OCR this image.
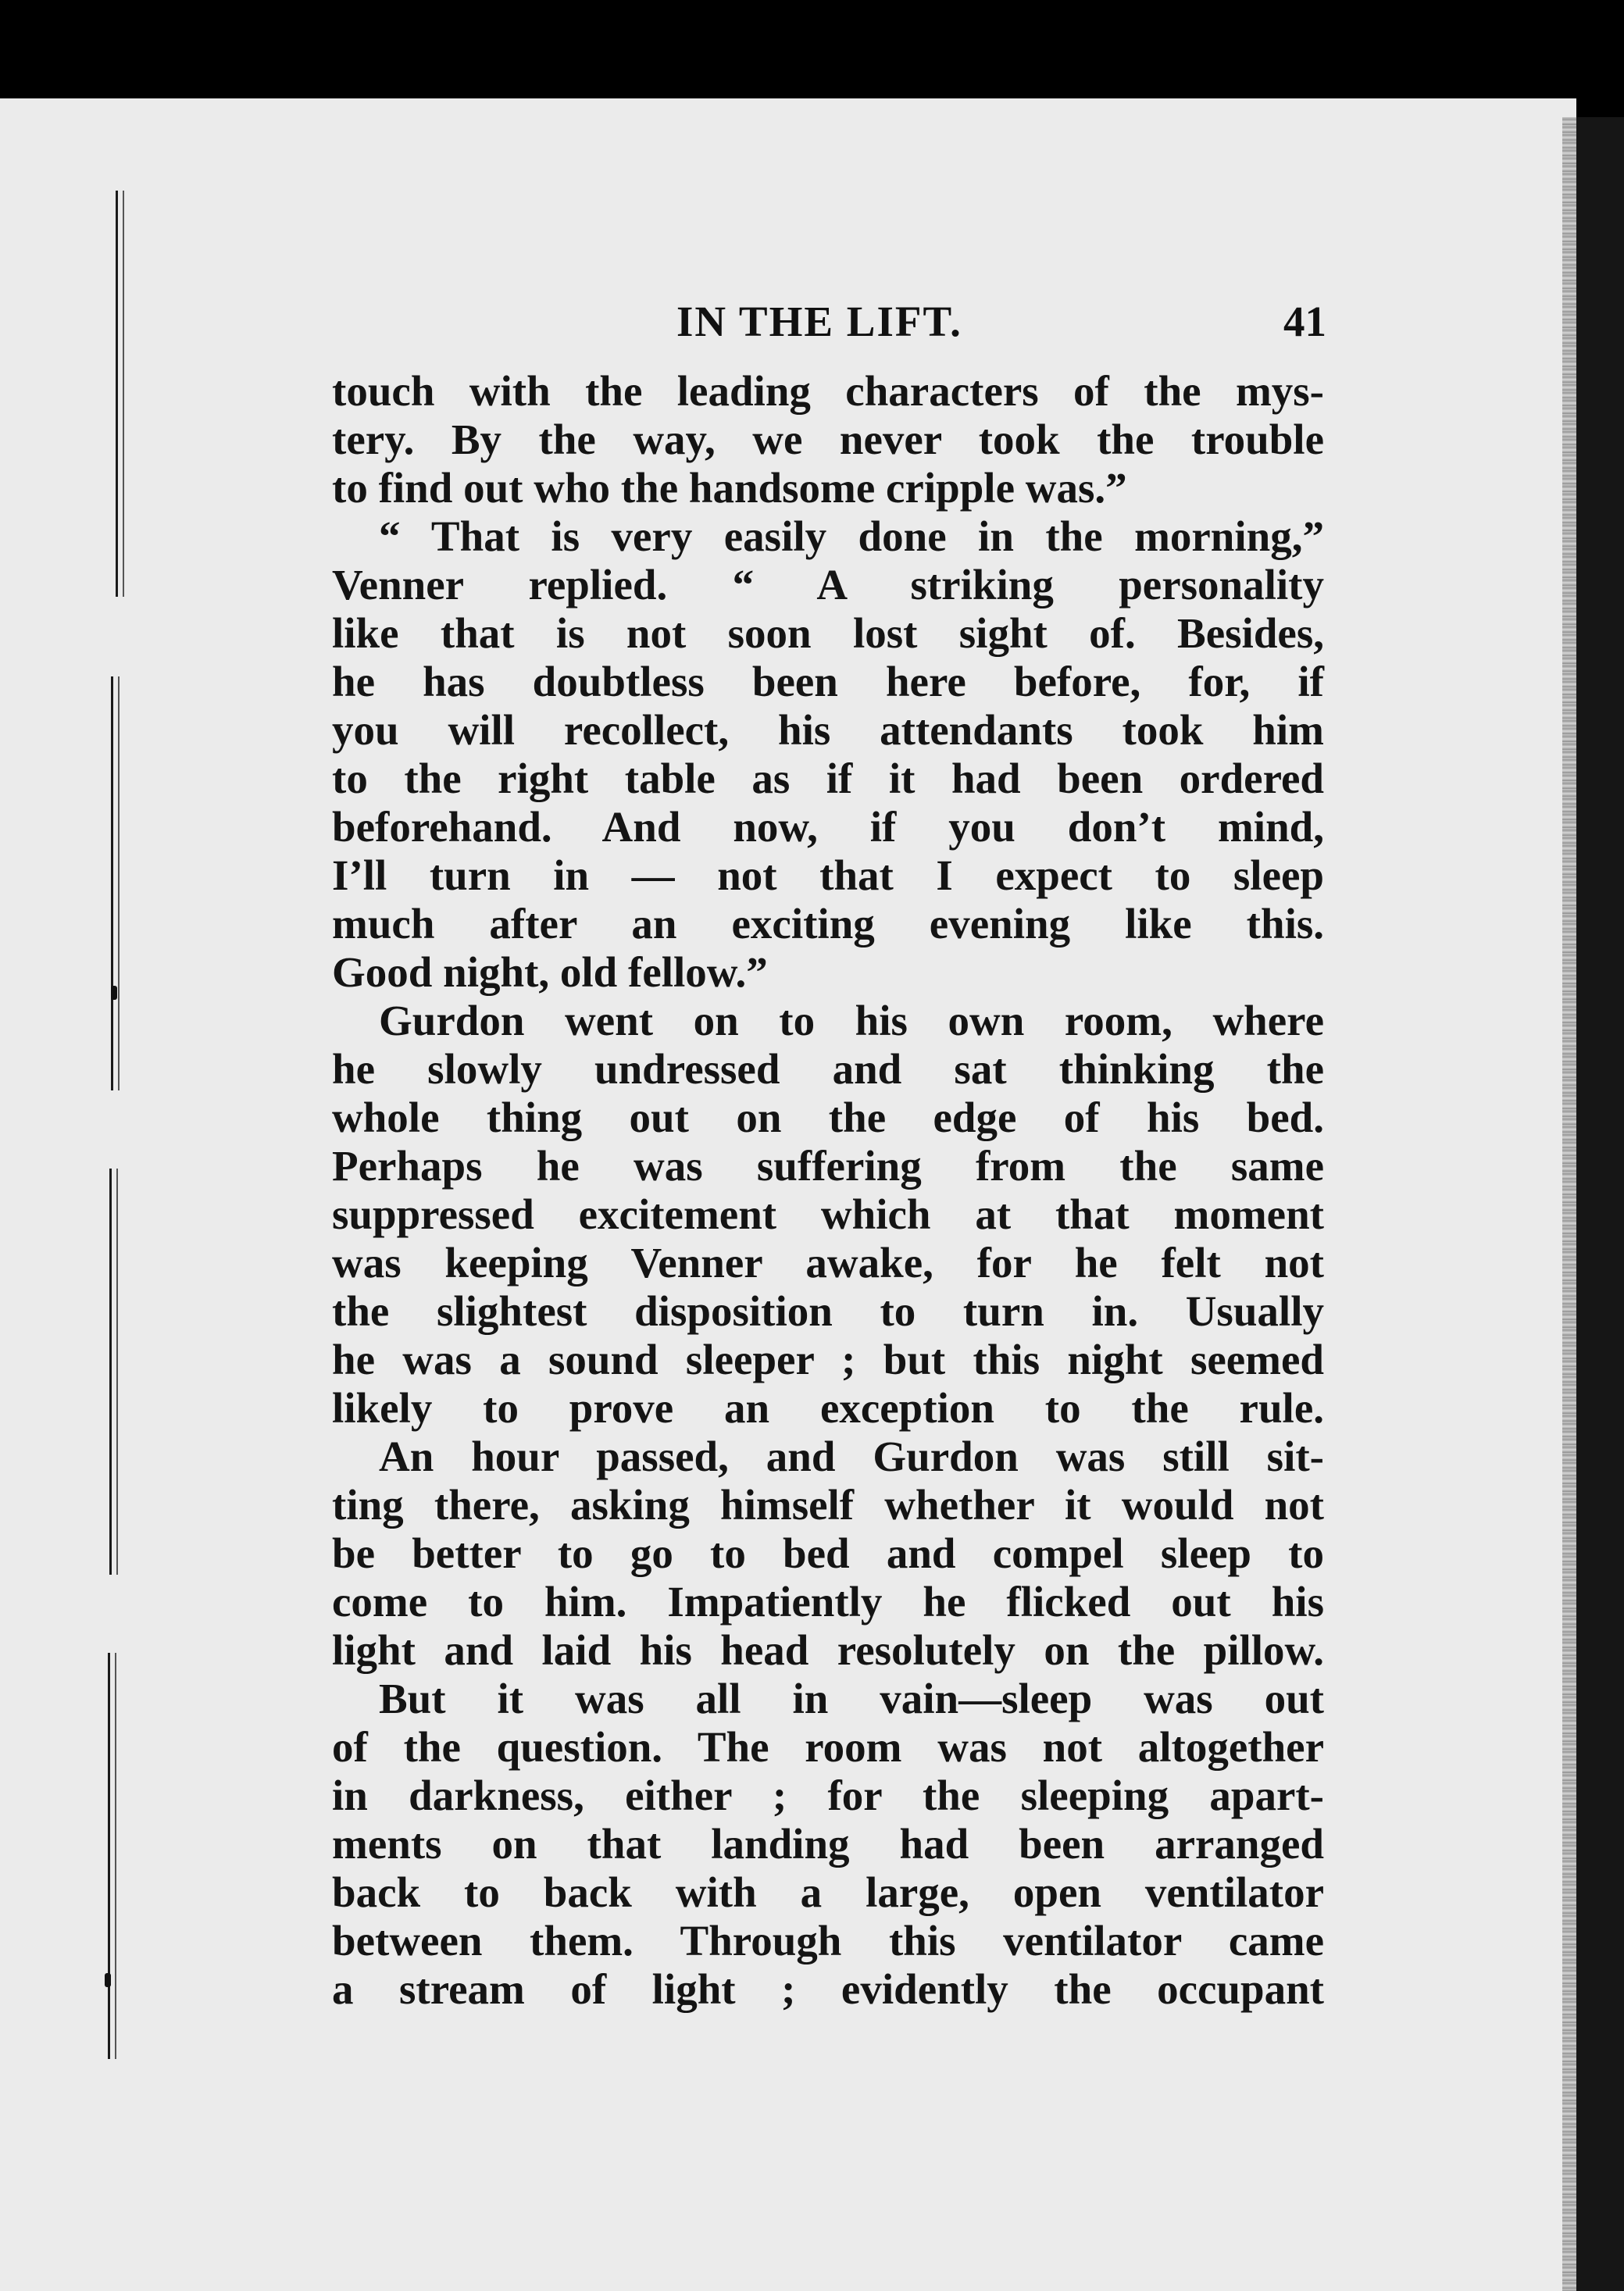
IN THE LIFT.	41
touch with the leading characters of the mys-
tery. By the way, we never took the trouble
to find out who the handsome cripple was.”
“ That is very easily done in the morning,”
Venner replied. “ A striking personality
like that is not soon lost sight of. Besides,
he has doubtless been here before, for, if
you will recollect, his attendants took him
to the right table as if it had been ordered
beforehand. And now, if you don’t mind,
I’ll turn in — not that I expect to sleep
much after an exciting evening like this.
Good night, old fellow.”
Gurdon went on to his own room, where
he slowly undressed and sat thinking the
whole thing out on the edge of his bed.
Perhaps he was suffering from the same
suppressed excitement which at that moment
was keeping Venner awake, for he felt not
the slightest disposition to turn in. Usually
he was a sound sleeper ; but this night seemed
likely to prove an exception to the rule.
An hour passed, and Gurdon was still sit-
ting there, asking himself whether it would not
be better to go to bed and compel sleep to
come to him. Impatiently he flicked out his
light and laid his head resolutely on the pillow.
But it was all in vain—sleep was out
of the question. The room was not altogether
in darkness, either ; for the sleeping apart-
ments on that landing had been arranged
back to back with a large, open ventilator
between them. Through this ventilator came
a stream of light ; evidently the occupant
